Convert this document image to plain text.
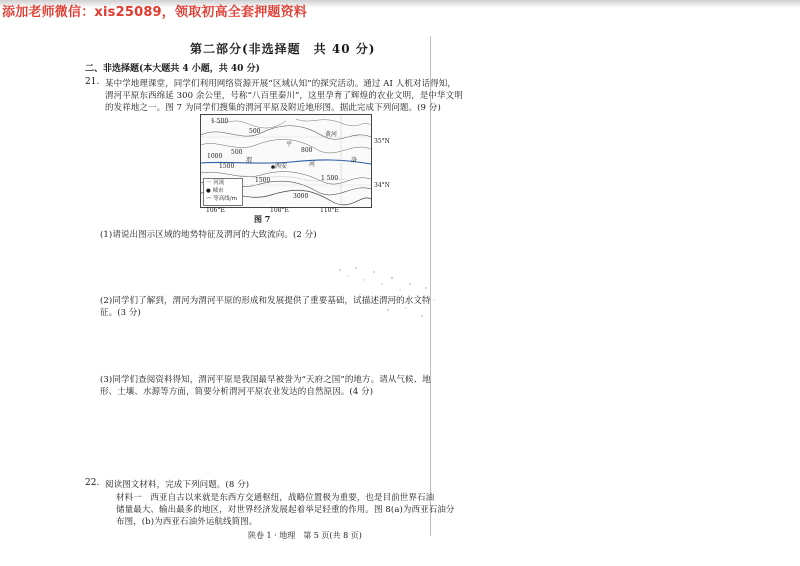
添加老师微信：xis25089，领取初高全套押题资料
第二部分(非选择题　共 40 分)
二、非选择题(本大题共 4 小题，共 40 分)
21. 某中学地理课堂，同学们利用网络资源开展“区域认知”的探究活动。通过 AI 人机对话得知，
渭河平原东西绵延 300 余公里，号称“八百里秦川”，这里孕育了辉煌的农业文明，是中华文明
的发祥地之一。图 7 为同学们搜集的渭河平原及附近地形图。据此完成下列问题。(9 分)
1 500
500
1000
500
1500
800
1500	1 500
3000
平
黄河
渭
西安	河
洛
～ 河流
● 城市
〰 等高线/m
35°N
34°N
106°E	108°E	110°E
图 7
(1)请说出图示区域的地势特征及渭河的大致流向。(2 分)
(2)同学们了解到，渭河为渭河平原的形成和发展提供了重要基础，试描述渭河的水文特
征。(3 分)
(3)同学们查阅资料得知，渭河平原是我国最早被誉为“天府之国”的地方。请从气候、地
形、土壤、水源等方面，简要分析渭河平原农业发达的自然原因。(4 分)
22. 阅读图文材料，完成下列问题。(8 分)
材料一　西亚自古以来就是东西方交通枢纽，战略位置极为重要，也是目前世界石油
储量最大、输出最多的地区，对世界经济发展起着举足轻重的作用。图 8(a)为西亚石油分
布图，(b)为西亚石油外运航线简图。
陕卷 1 · 地理　第 5 页(共 8 页)
